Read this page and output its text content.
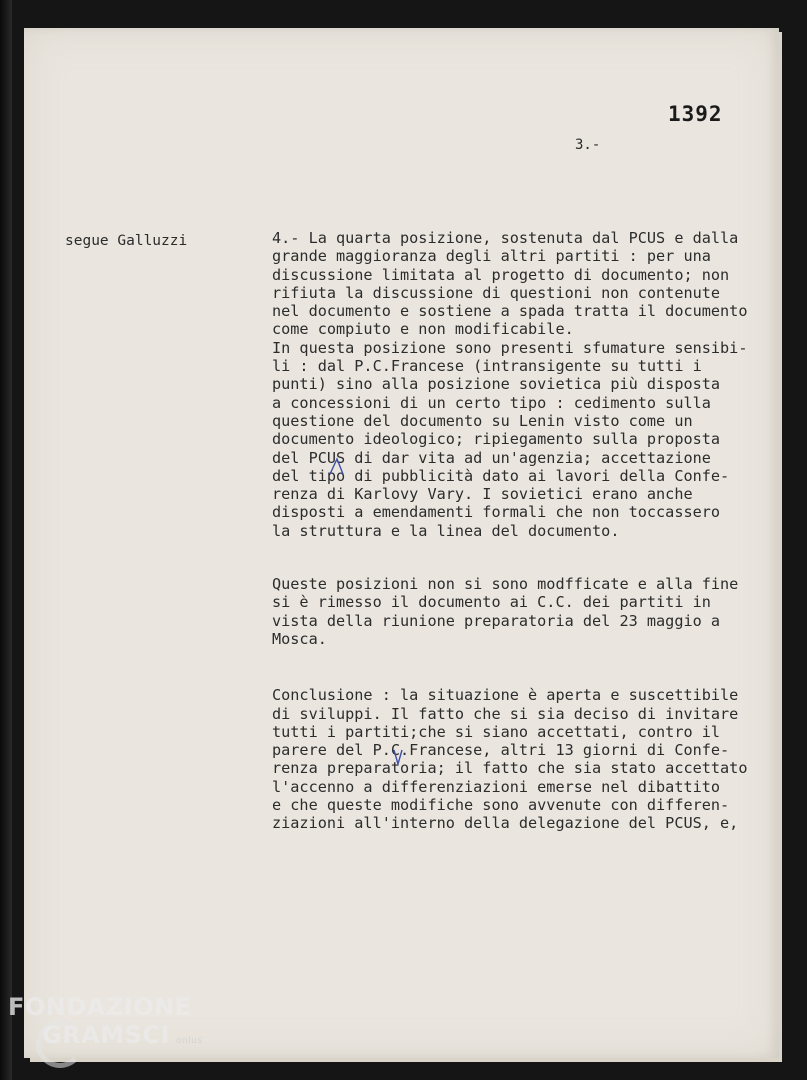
1392
3.-
segue Galluzzi	4.- La quarta posizione, sostenuta dal PCUS e dalla
grande maggioranza degli altri partiti : per una
discussione limitata al progetto di documento; non
rifiuta la discussione di questioni non contenute
nel documento e sostiene a spada tratta il documento
come compiuto e non modificabile.
In questa posizione sono presenti sfumature sensibi-
li : dal P.C.Francese (intransigente su tutti i
punti) sino alla posizione sovietica più disposta
a concessioni di un certo tipo : cedimento sulla
questione del documento su Lenin visto come un
documento ideologico; ripiegamento sulla proposta
del PCUS di dar vita ad un'agenzia; accettazione
del tipo di pubblicità dato ai lavori della Confe-
renza di Karlovy Vary. I sovietici erano anche
disposti a emendamenti formali che non toccassero
la struttura e la linea del documento.
Queste posizioni non si sono modfficate e alla fine
si è rimesso il documento ai C.C. dei partiti in
vista della riunione preparatoria del 23 maggio a
Mosca.
Conclusione : la situazione è aperta e suscettibile
di sviluppi. Il fatto che si sia deciso di invitare
tutti i partiti;che si siano accettati, contro il
parere del P.C.Francese, altri 13 giorni di Confe-
renza preparatoria; il fatto che sia stato accettato
l'accenno a differenziazioni emerse nel dibattito
e che queste modifiche sono avvenute con differen-
ziazioni all'interno della delegazione del PCUS, e,
FONDAZIONE
GRAMSCI onlus
